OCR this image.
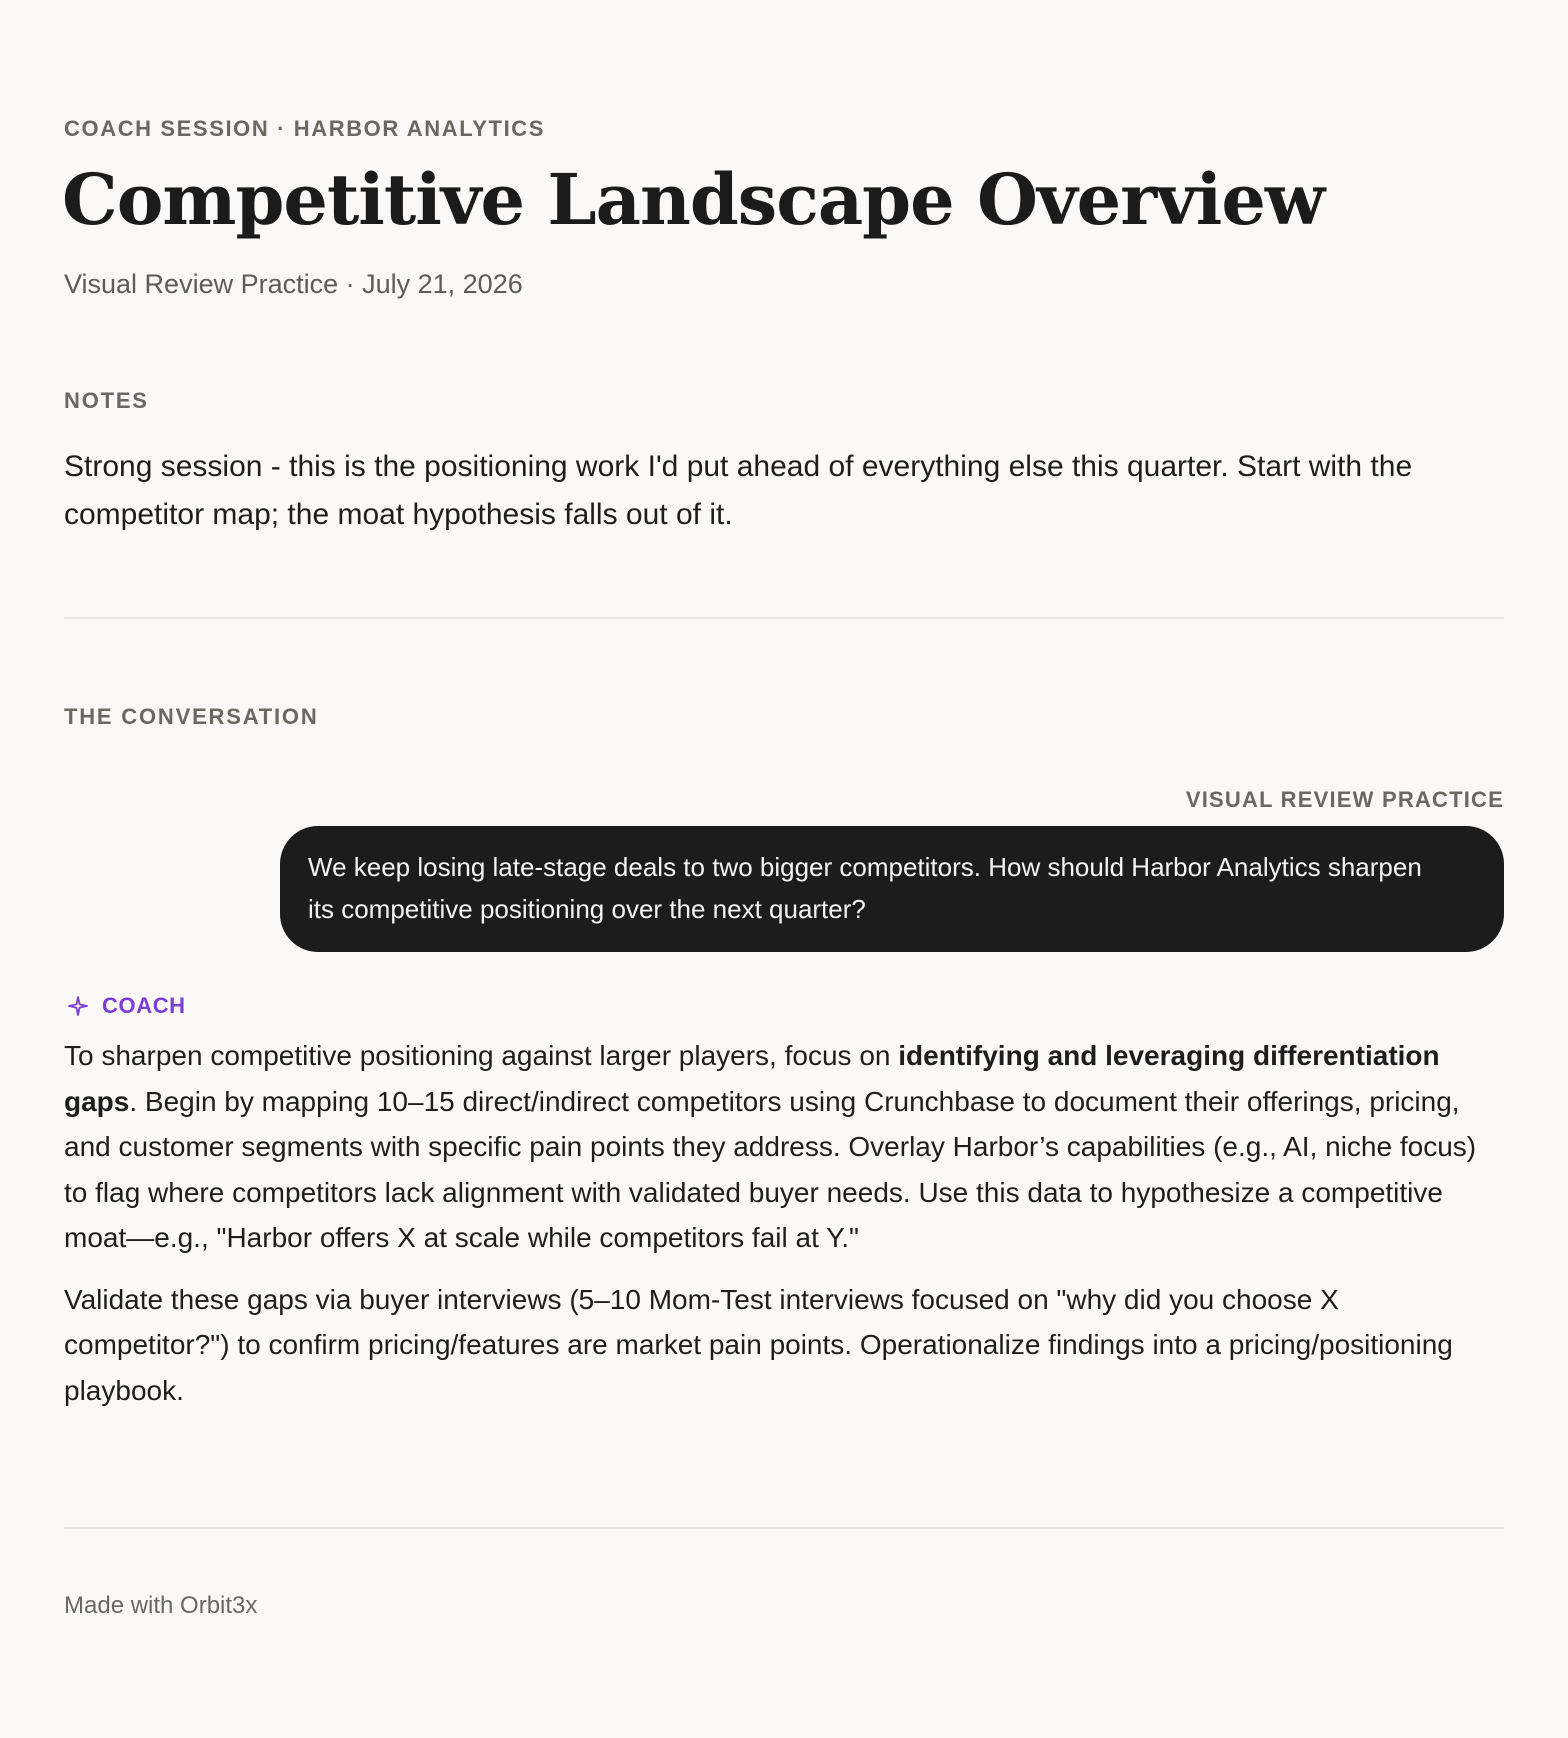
COACH SESSION · HARBOR ANALYTICS
Competitive Landscape Overview
Visual Review Practice · July 21, 2026
NOTES

Strong session - this is the positioning work I'd put ahead of everything else this quarter. Start with the competitor map; the moat hypothesis falls out of it.

THE CONVERSATION
VISUAL REVIEW PRACTICE
We keep losing late-stage deals to two bigger competitors. How should Harbor Analytics sharpen its competitive positioning over the next quarter?
COACH

To sharpen competitive positioning against larger players, focus on identifying and leveraging differentiation gaps. Begin by mapping 10–15 direct/indirect competitors using Crunchbase to document their offerings, pricing, and customer segments with specific pain points they address. Overlay Harbor’s capabilities (e.g., AI, niche focus) to flag where competitors lack alignment with validated buyer needs. Use this data to hypothesize a competitive moat—e.g., "Harbor offers X at scale while competitors fail at Y."

Validate these gaps via buyer interviews (5–10 Mom-Test interviews focused on "why did you choose X competitor?") to confirm pricing/features are market pain points. Operationalize findings into a pricing/positioning playbook.

Made with Orbit3x
